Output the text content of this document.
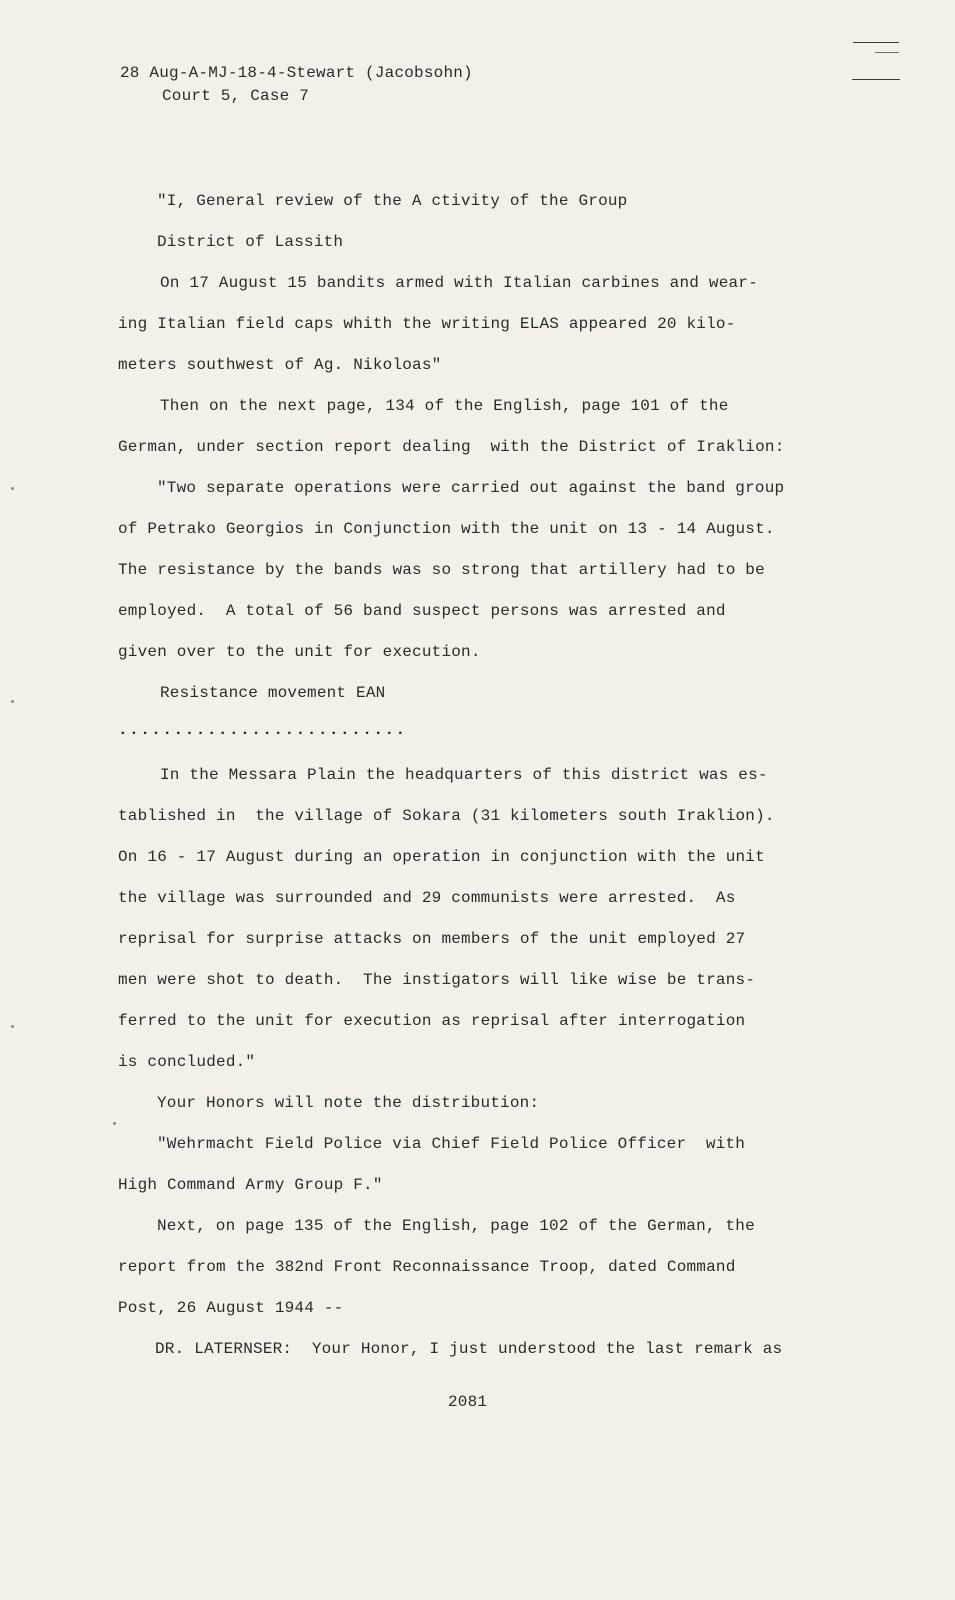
28 Aug-A-MJ-18-4-Stewart (Jacobsohn)
Court 5, Case 7
"I, General review of the A ctivity of the Group
District of Lassith
On 17 August 15 bandits armed with Italian carbines and wear-
ing Italian field caps whith the writing ELAS appeared 20 kilo-
meters southwest of Ag. Nikoloas"
Then on the next page, 134 of the English, page 101 of the
German, under section report dealing  with the District of Iraklion:
"Two separate operations were carried out against the band group
of Petrako Georgios in Conjunction with the unit on 13 - 14 August.
The resistance by the bands was so strong that artillery had to be
employed.  A total of 56 band suspect persons was arrested and
given over to the unit for execution.
Resistance movement EAN
..........................
In the Messara Plain the headquarters of this district was es-
tablished in  the village of Sokara (31 kilometers south Iraklion).
On 16 - 17 August during an operation in conjunction with the unit
the village was surrounded and 29 communists were arrested.  As
reprisal for surprise attacks on members of the unit employed 27
men were shot to death.  The instigators will like wise be trans-
ferred to the unit for execution as reprisal after interrogation
is concluded."
Your Honors will note the distribution:
"Wehrmacht Field Police via Chief Field Police Officer  with
High Command Army Group F."
Next, on page 135 of the English, page 102 of the German, the
report from the 382nd Front Reconnaissance Troop, dated Command
Post, 26 August 1944 --
DR. LATERNSER:  Your Honor, I just understood the last remark as
2081
